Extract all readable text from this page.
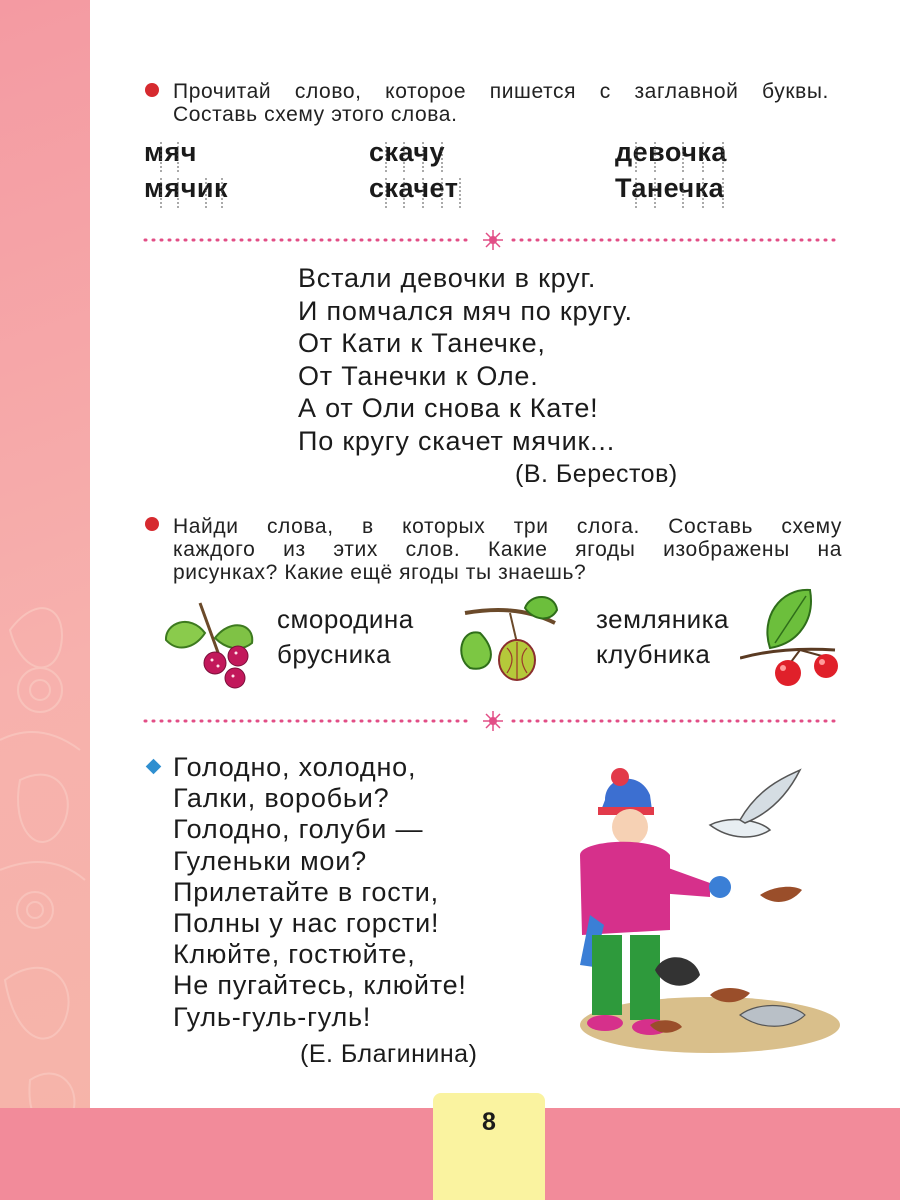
Прочитай слово, которое пишется с заглавной буквы.
Составь схему этого слова.
мяч
мячик
скачу
скачет
девочка
Танечка
Встали девочки в круг.
И помчался мяч по кругу.
От Кати к Танечке,
От Танечки к Оле.
А от Оли снова к Кате!
По кругу скачет мячик...
(В. Берестов)
Найди слова, в которых три слога. Составь схему
каждого из этих слов. Какие ягоды изображены на
рисунках? Какие ещё ягоды ты знаешь?
смородина
брусника
земляника
клубника
Голодно, холодно,
Галки, воробьи?
Голодно, голуби —
Гуленьки мои?
Прилетайте в гости,
Полны у нас горсти!
Клюйте, гостюйте,
Не пугайтесь, клюйте!
Гуль-гуль-гуль!
(Е. Благинина)
8
